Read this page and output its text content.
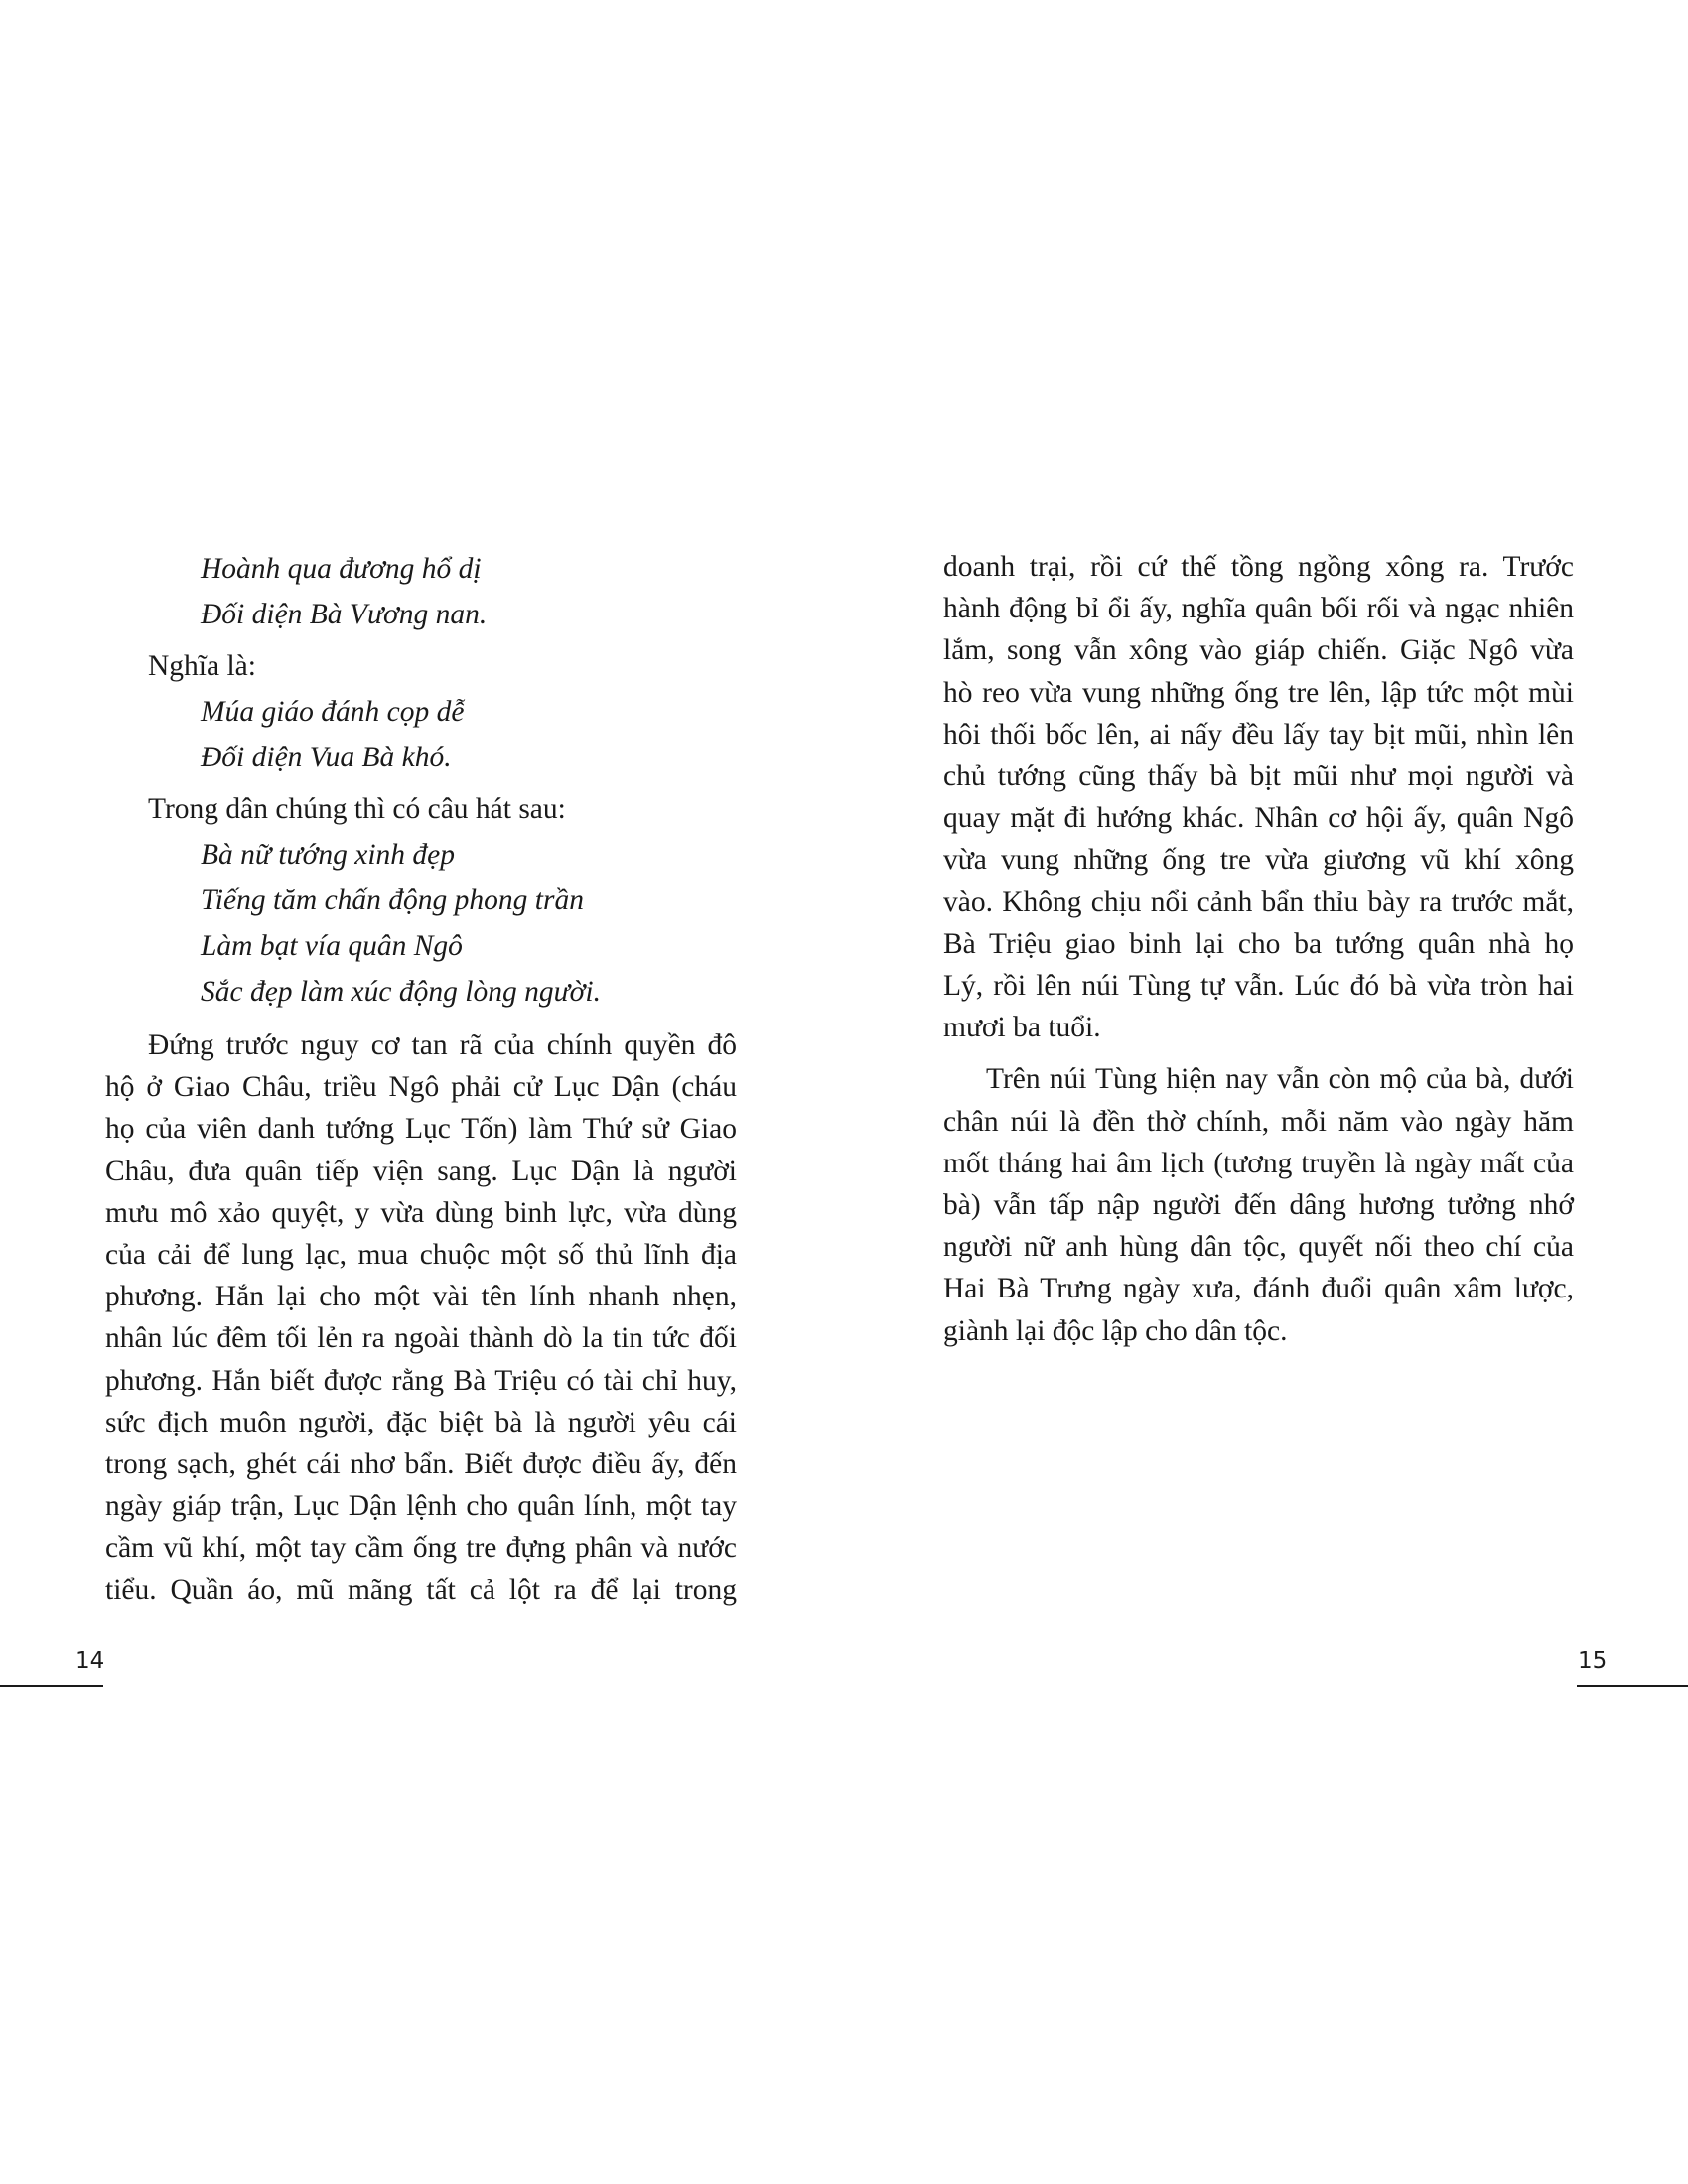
Hoành qua đương hổ dị

Đối diện Bà Vương nan.

Nghĩa là:

Múa giáo đánh cọp dễ

Đối diện Vua Bà khó.

Trong dân chúng thì có câu hát sau:

Bà nữ tướng xinh đẹp

Tiếng tăm chấn động phong trần

Làm bạt vía quân Ngô

Sắc đẹp làm xúc động lòng người.

Đứng trước nguy cơ tan rã của chính quyền đô

hộ ở Giao Châu, triều Ngô phải cử Lục Dận (cháu

họ của viên danh tướng Lục Tốn) làm Thứ sử Giao

Châu, đưa quân tiếp viện sang. Lục Dận là người

mưu mô xảo quyệt, y vừa dùng binh lực, vừa dùng

của cải để lung lạc, mua chuộc một số thủ lĩnh địa

phương. Hắn lại cho một vài tên lính nhanh nhẹn,

nhân lúc đêm tối lẻn ra ngoài thành dò la tin tức đối

phương. Hắn biết được rằng Bà Triệu có tài chỉ huy,

sức địch muôn người, đặc biệt bà là người yêu cái

trong sạch, ghét cái nhơ bẩn. Biết được điều ấy, đến

ngày giáp trận, Lục Dận lệnh cho quân lính, một tay

cầm vũ khí, một tay cầm ống tre đựng phân và nước

tiểu. Quần áo, mũ mãng tất cả lột ra để lại trong

doanh trại, rồi cứ thế tồng ngồng xông ra. Trước

hành động bỉ ổi ấy, nghĩa quân bối rối và ngạc nhiên

lắm, song vẫn xông vào giáp chiến. Giặc Ngô vừa

hò reo vừa vung những ống tre lên, lập tức một mùi

hôi thối bốc lên, ai nấy đều lấy tay bịt mũi, nhìn lên

chủ tướng cũng thấy bà bịt mũi như mọi người và

quay mặt đi hướng khác. Nhân cơ hội ấy, quân Ngô

vừa vung những ống tre vừa giương vũ khí xông

vào. Không chịu nổi cảnh bẩn thỉu bày ra trước mắt,

Bà Triệu giao binh lại cho ba tướng quân nhà họ

Lý, rồi lên núi Tùng tự vẫn. Lúc đó bà vừa tròn hai

mươi ba tuổi.

Trên núi Tùng hiện nay vẫn còn mộ của bà, dưới

chân núi là đền thờ chính, mỗi năm vào ngày hăm

mốt tháng hai âm lịch (tương truyền là ngày mất của

bà) vẫn tấp nập người đến dâng hương tưởng nhớ

người nữ anh hùng dân tộc, quyết nối theo chí của

Hai Bà Trưng ngày xưa, đánh đuổi quân xâm lược,

giành lại độc lập cho dân tộc.

14	15
